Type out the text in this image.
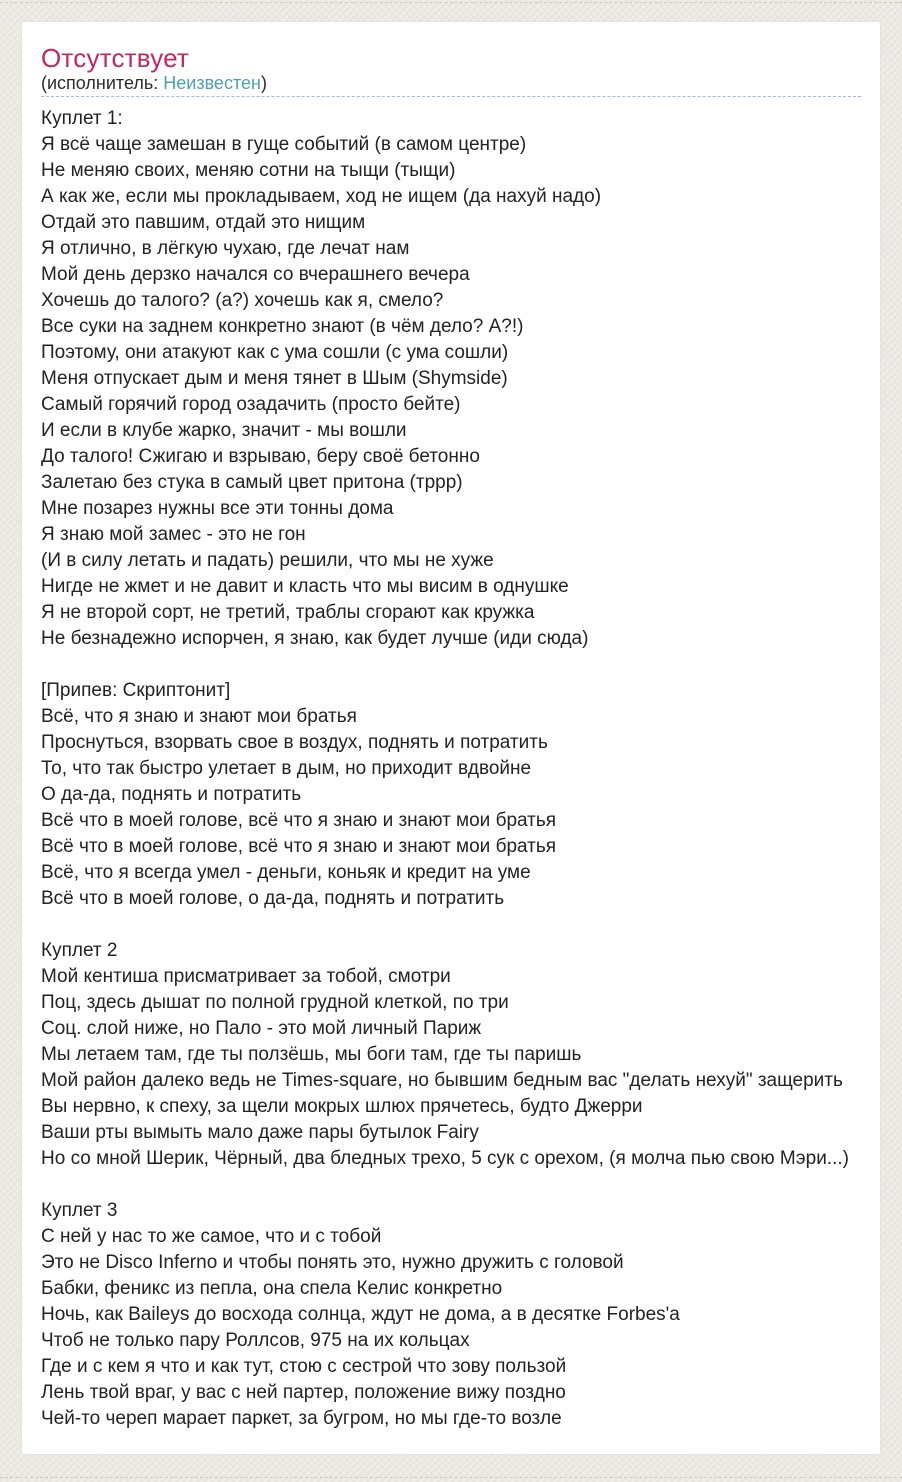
Отсутствует
(исполнитель: Неизвестен)
Куплет 1:
Я всё чаще замешан в гуще событий (в самом центре)
Не меняю своих, меняю сотни на тыщи (тыщи)
А как же, если мы прокладываем, ход не ищем (да нахуй надо)
Отдай это павшим, отдай это нищим
Я отлично, в лёгкую чухаю, где лечат нам
Мой день дерзко начался со вчерашнего вечера
Хочешь до талого? (а?) хочешь как я, смело?
Все суки на заднем конкретно знают (в чём дело? А?!)
Поэтому, они атакуют как с ума сошли (с ума сошли)
Меня отпускает дым и меня тянет в Шым (Shymside)
Самый горячий город озадачить (просто бейте)
И если в клубе жарко, значит - мы вошли
До талого! Сжигаю и взрываю, беру своё бетонно
Залетаю без стука в самый цвет притона (тррр)
Мне позарез нужны все эти тонны дома
Я знаю мой замес - это не гон
(И в силу летать и падать) решили, что мы не хуже
Нигде не жмет и не давит и класть что мы висим в однушке
Я не второй сорт, не третий, траблы сгорают как кружка
Не безнадежно испорчен, я знаю, как будет лучше (иди сюда)
[Припев: Скриптонит]
Всё, что я знаю и знают мои братья
Проснуться, взорвать свое в воздух, поднять и потратить
То, что так быстро улетает в дым, но приходит вдвойне
О да-да, поднять и потратить
Всё что в моей голове, всё что я знаю и знают мои братья
Всё что в моей голове, всё что я знаю и знают мои братья
Всё, что я всегда умел - деньги, коньяк и кредит на уме
Всё что в моей голове, о да-да, поднять и потратить
Куплет 2
Мой кентиша присматривает за тобой, смотри
Поц, здесь дышат по полной грудной клеткой, по три
Соц. слой ниже, но Пало - это мой личный Париж
Мы летаем там, где ты ползёшь, мы боги там, где ты паришь
Мой район далеко ведь не Times-square, но бывшим бедным вас "делать нехуй" защерить
Вы нервно, к спеху, за щели мокрых шлюх прячетесь, будто Джерри
Ваши рты вымыть мало даже пары бутылок Fairy
Но со мной Шерик, Чёрный, два бледных трехо, 5 сук с орехом, (я молча пью свою Мэри...)
Куплет 3
С ней у нас то же самое, что и с тобой
Это не Disco Inferno и чтобы понять это, нужно дружить с головой
Бабки, феникс из пепла, она спела Келис конкретно
Ночь, как Baileys до восхода солнца, ждут не дома, а в десятке Forbes'а
Чтоб не только пару Роллсов, 975 на их кольцах
Где и с кем я что и как тут, стою с сестрой что зову пользой
Лень твой враг, у вас с ней партер, положение вижу поздно
Чей-то череп марает паркет, за бугром, но мы где-то возле
